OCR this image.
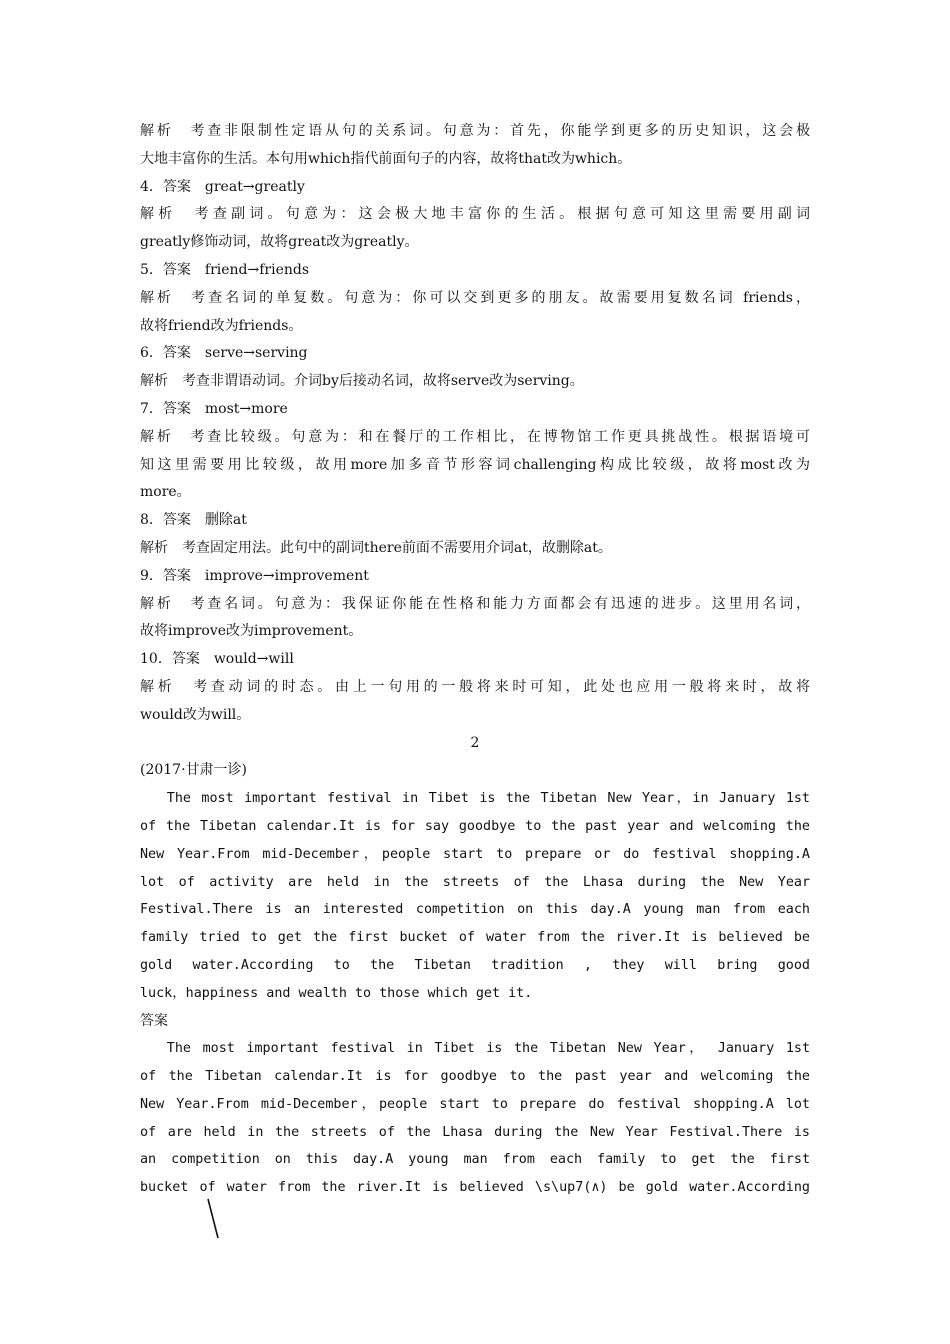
解析　考查非限制性定语从句的关系词。句意为：首先，你能学到更多的历史知识，这会极
大地丰富你的生活。本句用which指代前面句子的内容，故将that改为which。
4．答案　great→greatly
解析　考查副词。句意为：这会极大地丰富你的生活。根据句意可知这里需要用副词
greatly修饰动词，故将great改为greatly。
5．答案　friend→friends
解析　考查名词的单复数。句意为：你可以交到更多的朋友。故需要用复数名词 friends，
故将friend改为friends。
6．答案　serve→serving
解析　考查非谓语动词。介词by后接动名词，故将serve改为serving。
7．答案　most→more
解析　考查比较级。句意为：和在餐厅的工作相比，在博物馆工作更具挑战性。根据语境可
知这里需要用比较级，故用more加多音节形容词challenging构成比较级，故将most改为
more。
8．答案　删除at
解析　考查固定用法。此句中的副词there前面不需要用介词at，故删除at。
9．答案　improve→improvement
解析　考查名词。句意为：我保证你能在性格和能力方面都会有迅速的进步。这里用名词，
故将improve改为improvement。
10．答案　would→will
解析　考查动词的时态。由上一句用的一般将来时可知，此处也应用一般将来时，故将
would改为will。
2
(2017·甘肃一诊)
The most important festival in Tibet is the Tibetan New Year，in January 1st
of the Tibetan calendar.It is for say goodbye to the past year and welcoming the
New Year.From mid-December，people start to prepare or do festival shopping.A
lot of activity are held in the streets of the Lhasa during the New Year
Festival.There is an interested competition on this day.A young man from each
family tried to get the first bucket of water from the river.It is believed be
gold water.According to the Tibetan tradition , they will bring good
luck，happiness and wealth to those which get it.
答案
The most important festival in Tibet is the Tibetan New Year， January 1st
of the Tibetan calendar.It is for goodbye to the past year and welcoming the
New Year.From mid-December，people start to prepare do festival shopping.A lot
of are held in the streets of the Lhasa during the New Year Festival.There is
an competition on this day.A young man from each family to get the first
bucket of water from the river.It is believed \s\up7(∧) be gold water.According
